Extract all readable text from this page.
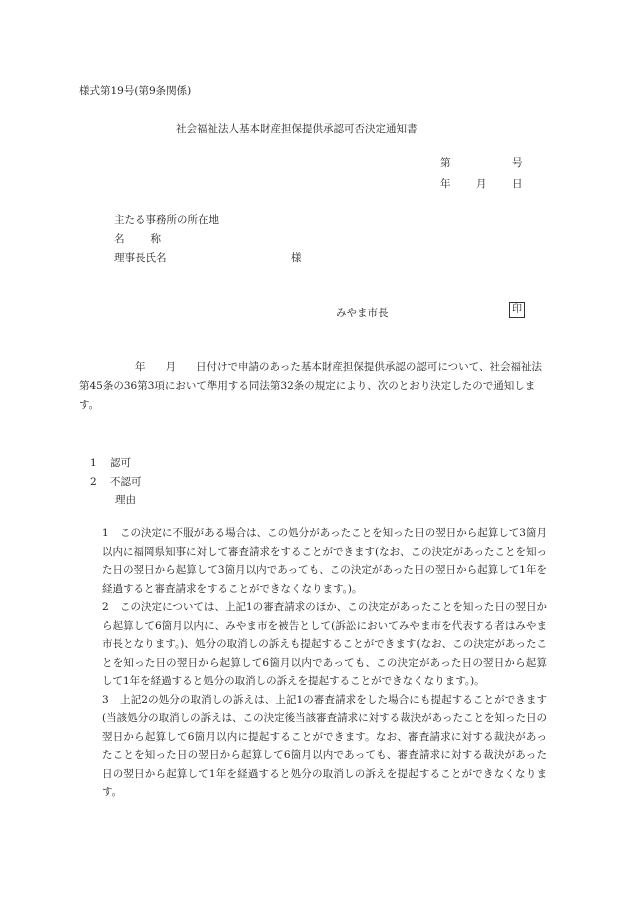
様式第19号(第9条関係)
社会福祉法人基本財産担保提供承認可否決定通知書
第	号
年 月 日
主たる事務所の所在地
名 称
理事長氏名	様
みやま市長	印
年 月 日付けで申請のあった基本財産担保提供承認の認可について、社会福祉法第45条の36第3項において準用する同法第32条の規定により、次のとおり決定したので通知します。
1 認可
2 不認可
理由
1 この決定に不服がある場合は、この処分があったことを知った日の翌日から起算して3箇月以内に福岡県知事に対して審査請求をすることができます(なお、この決定があったことを知った日の翌日から起算して3箇月以内であっても、この決定があった日の翌日から起算して1年を経過すると審査請求をすることができなくなります。)。
2 この決定については、上記1の審査請求のほか、この決定があったことを知った日の翌日から起算して6箇月以内に、みやま市を被告として(訴訟においてみやま市を代表する者はみやま市長となります。)、処分の取消しの訴えも提起することができます(なお、この決定があったことを知った日の翌日から起算して6箇月以内であっても、この決定があった日の翌日から起算して1年を経過すると処分の取消しの訴えを提起することができなくなります。)。
3 上記2の処分の取消しの訴えは、上記1の審査請求をした場合にも提起することができます(当該処分の取消しの訴えは、この決定後当該審査請求に対する裁決があったことを知った日の翌日から起算して6箇月以内に提起することができます。なお、審査請求に対する裁決があったことを知った日の翌日から起算して6箇月以内であっても、審査請求に対する裁決があった日の翌日から起算して1年を経過すると処分の取消しの訴えを提起することができなくなります。
